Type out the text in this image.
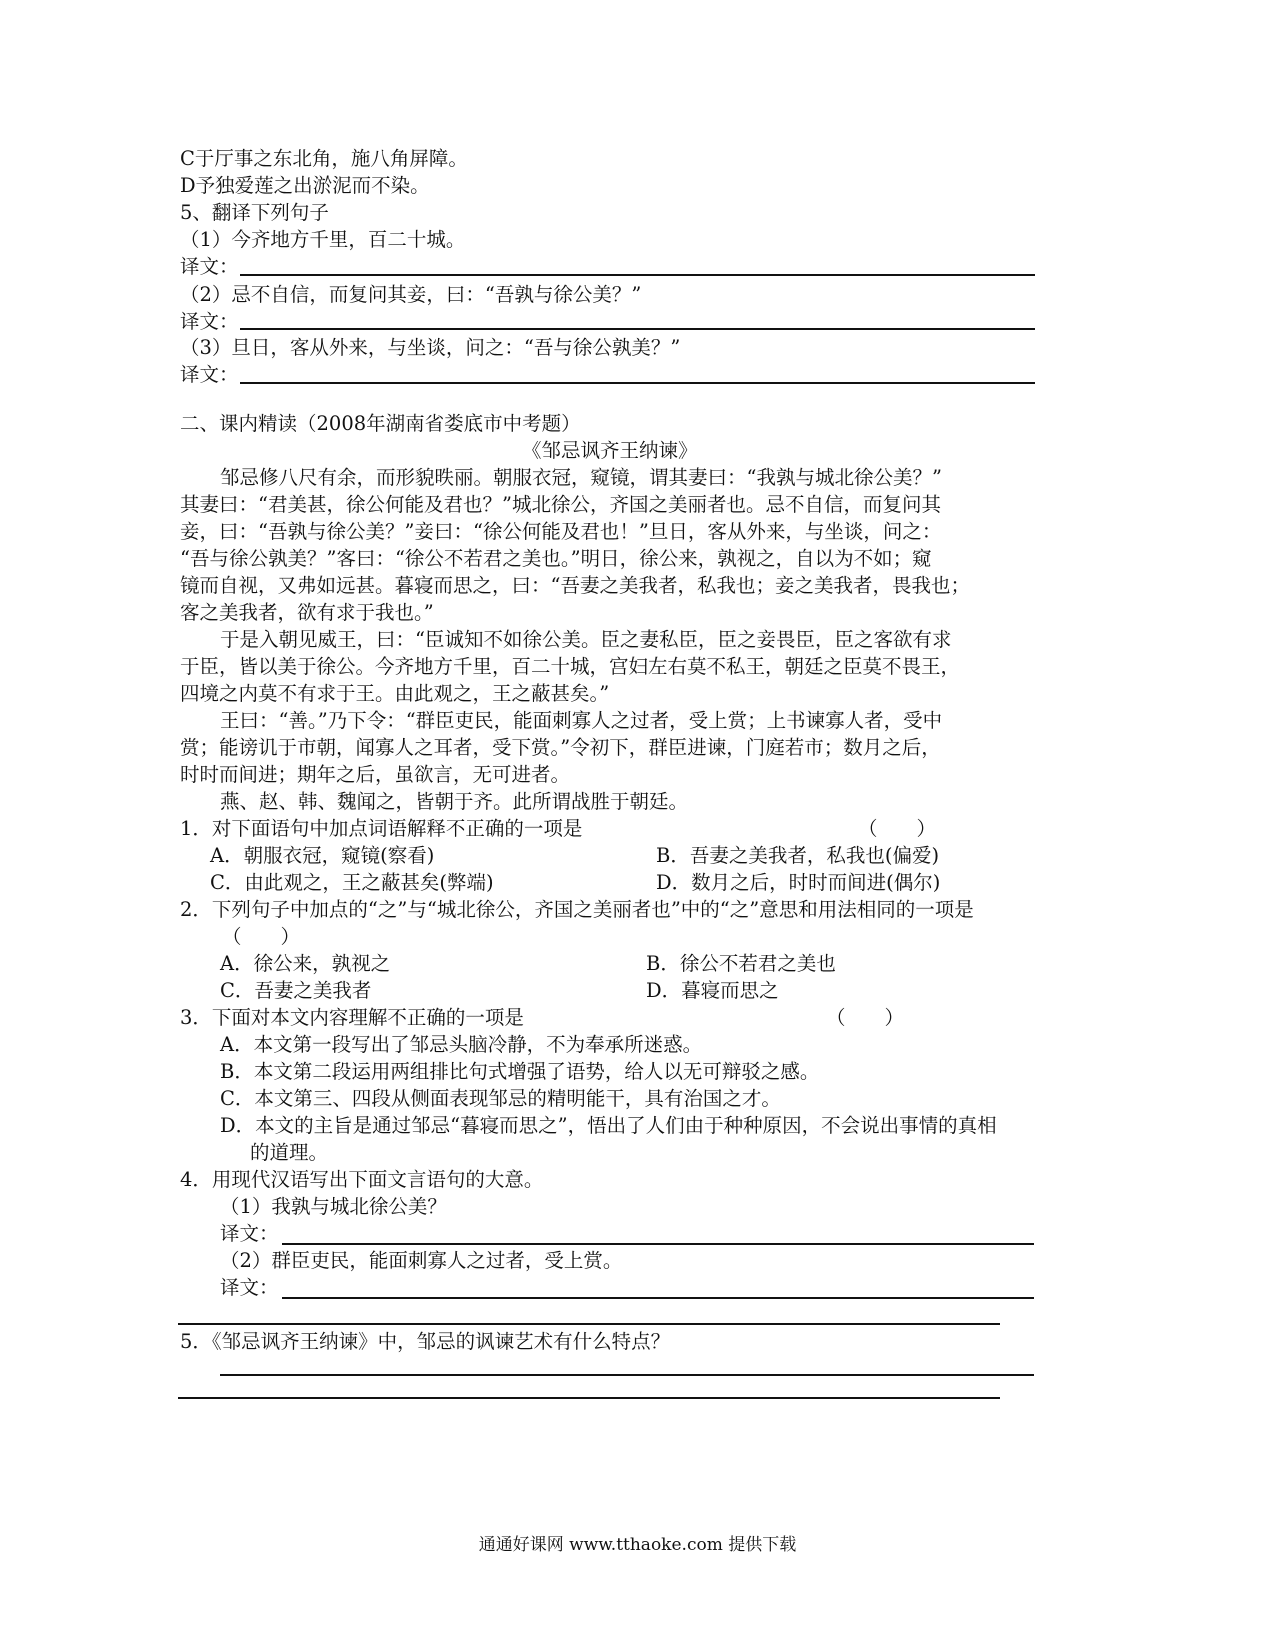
C于厅事之东北角，施八角屏障。
D予独爱莲之出淤泥而不染。
5、翻译下列句子
（1）今齐地方千里，百二十城。
译文：
（2）忌不自信，而复问其妾，曰：“吾孰与徐公美？”
译文：
（3）旦日，客从外来，与坐谈，问之：“吾与徐公孰美？”
译文：
二、课内精读（2008年湖南省娄底市中考题）
《邹忌讽齐王纳谏》
邹忌修八尺有余，而形貌昳丽。朝服衣冠，窥镜，谓其妻曰：“我孰与城北徐公美？”
其妻曰：“君美甚，徐公何能及君也？”城北徐公，齐国之美丽者也。忌不自信，而复问其
妾，曰：“吾孰与徐公美？”妾曰：“徐公何能及君也！”旦日，客从外来，与坐谈，问之：
“吾与徐公孰美？”客曰：“徐公不若君之美也。”明日，徐公来，孰视之，自以为不如；窥
镜而自视，又弗如远甚。暮寝而思之，曰：“吾妻之美我者，私我也；妾之美我者，畏我也；
客之美我者，欲有求于我也。”
于是入朝见威王，曰：“臣诚知不如徐公美。臣之妻私臣，臣之妾畏臣，臣之客欲有求
于臣，皆以美于徐公。今齐地方千里，百二十城，宫妇左右莫不私王，朝廷之臣莫不畏王，
四境之内莫不有求于王。由此观之，王之蔽甚矣。”
王曰：“善。”乃下令：“群臣吏民，能面刺寡人之过者，受上赏；上书谏寡人者，受中
赏；能谤讥于市朝，闻寡人之耳者，受下赏。”令初下，群臣进谏，门庭若市；数月之后，
时时而间进；期年之后，虽欲言，无可进者。
燕、赵、韩、魏闻之，皆朝于齐。此所谓战胜于朝廷。
1．对下面语句中加点词语解释不正确的一项是	（　　）
A．朝服衣冠，窥镜(察看)	B．吾妻之美我者，私我也(偏爱)
C．由此观之，王之蔽甚矣(弊端)	D．数月之后，时时而间进(偶尔)
2．下列句子中加点的“之”与“城北徐公，齐国之美丽者也”中的“之”意思和用法相同的一项是
（　　）
A．徐公来，孰视之	B．徐公不若君之美也
C．吾妻之美我者	D．暮寝而思之
3．下面对本文内容理解不正确的一项是	（　　）
A．本文第一段写出了邹忌头脑冷静，不为奉承所迷惑。
B．本文第二段运用两组排比句式增强了语势，给人以无可辩驳之感。
C．本文第三、四段从侧面表现邹忌的精明能干，具有治国之才。
D．本文的主旨是通过邹忌“暮寝而思之”，悟出了人们由于种种原因，不会说出事情的真相
的道理。
4．用现代汉语写出下面文言语句的大意。
（1）我孰与城北徐公美？
译文：
（2）群臣吏民，能面刺寡人之过者，受上赏。
译文：
5．《邹忌讽齐王纳谏》中，邹忌的讽谏艺术有什么特点？
通通好课网 www.tthaoke.com 提供下载
